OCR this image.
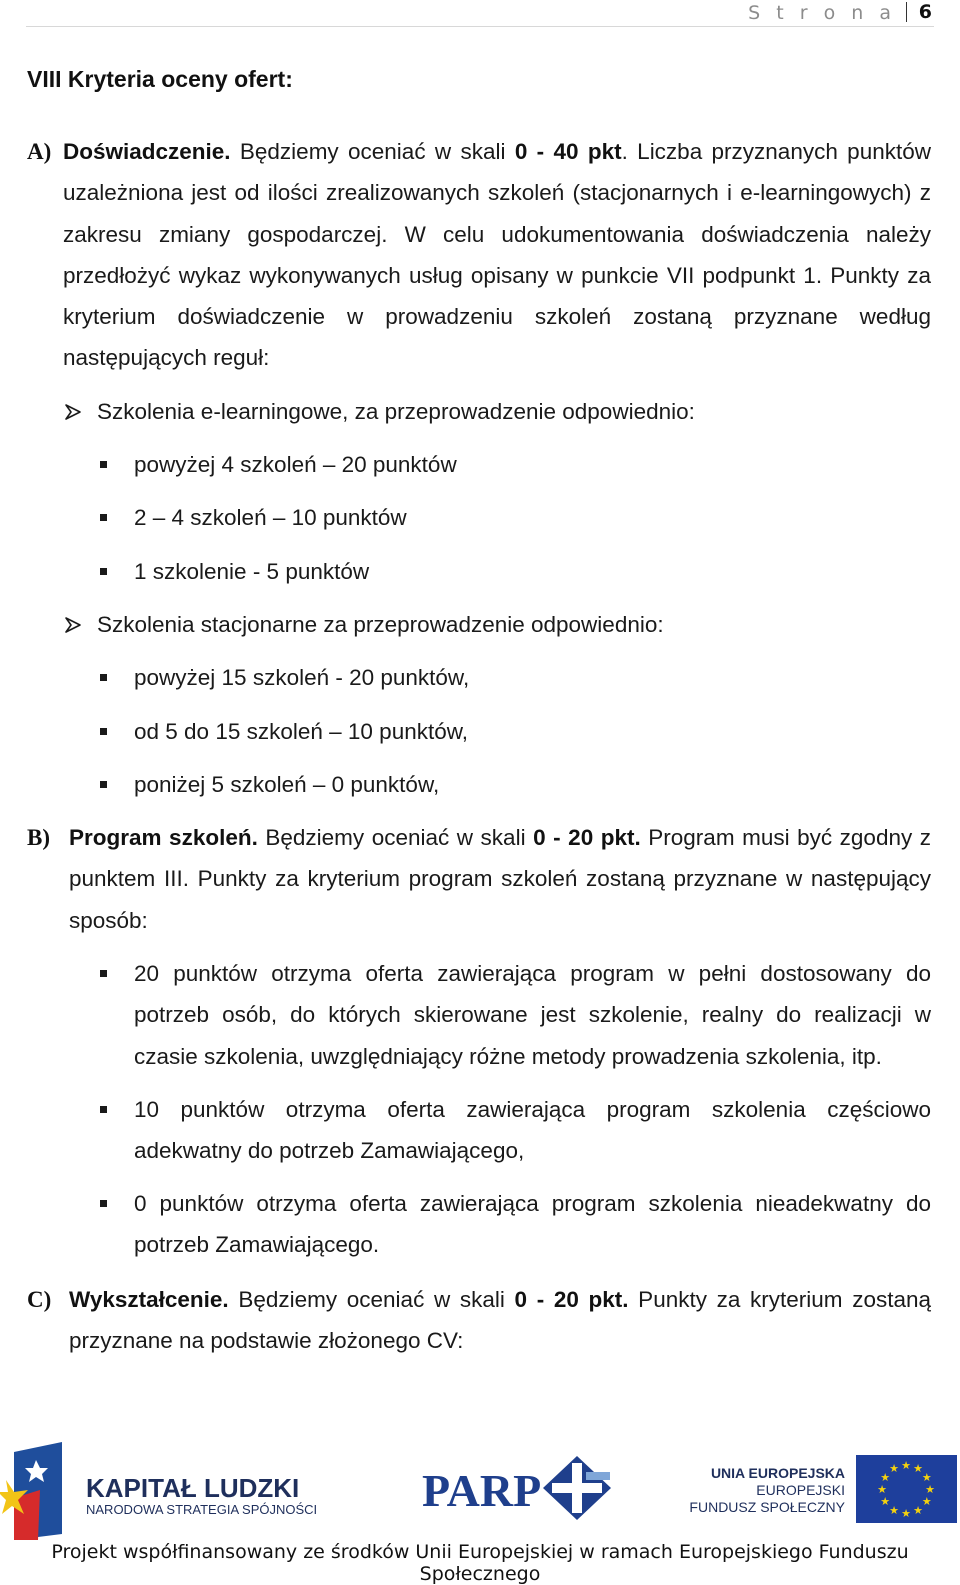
S t r o n a 6
VIII Kryteria oceny ofert:
A) Doświadczenie. Będziemy oceniać w skali 0 - 40 pkt. Liczba przyznanych punktów uzależniona jest od ilości zrealizowanych szkoleń (stacjonarnych i e-learningowych) z zakresu zmiany gospodarczej. W celu udokumentowania doświadczenia należy przedłożyć wykaz wykonywanych usług opisany w punkcie VII podpunkt 1. Punkty za kryterium doświadczenie w prowadzeniu szkoleń zostaną przyznane według następujących reguł:
Szkolenia e-learningowe, za przeprowadzenie odpowiednio:
powyżej 4 szkoleń – 20 punktów
2 – 4 szkoleń – 10 punktów
1 szkolenie - 5 punktów
Szkolenia stacjonarne za przeprowadzenie odpowiednio:
powyżej 15 szkoleń - 20 punktów,
od 5 do 15 szkoleń – 10 punktów,
poniżej 5 szkoleń – 0 punktów,
B) Program szkoleń. Będziemy oceniać w skali 0 - 20 pkt. Program musi być zgodny z punktem III. Punkty za kryterium program szkoleń zostaną przyznane w następujący sposób:
20 punktów otrzyma oferta zawierająca program w pełni dostosowany do potrzeb osób, do których skierowane jest szkolenie, realny do realizacji w czasie szkolenia, uwzględniający różne metody prowadzenia szkolenia, itp.
10 punktów otrzyma oferta zawierająca program szkolenia częściowo adekwatny do potrzeb Zamawiającego,
0 punktów otrzyma oferta zawierająca program szkolenia nieadekwatny do potrzeb Zamawiającego.
C) Wykształcenie. Będziemy oceniać w skali 0 - 20 pkt. Punkty za kryterium zostaną przyznane na podstawie złożonego CV:
KAPITAŁ LUDZKI
NARODOWA STRATEGIA SPÓJNOŚCI PARP	UNIA EUROPEJSKA
EUROPEJSKI
FUNDUSZ SPOŁECZNY
★ ★
★
★
★
★
★
★
★
★
★
★
Projekt współfinansowany ze środków Unii Europejskiej w ramach Europejskiego Funduszu Społecznego
